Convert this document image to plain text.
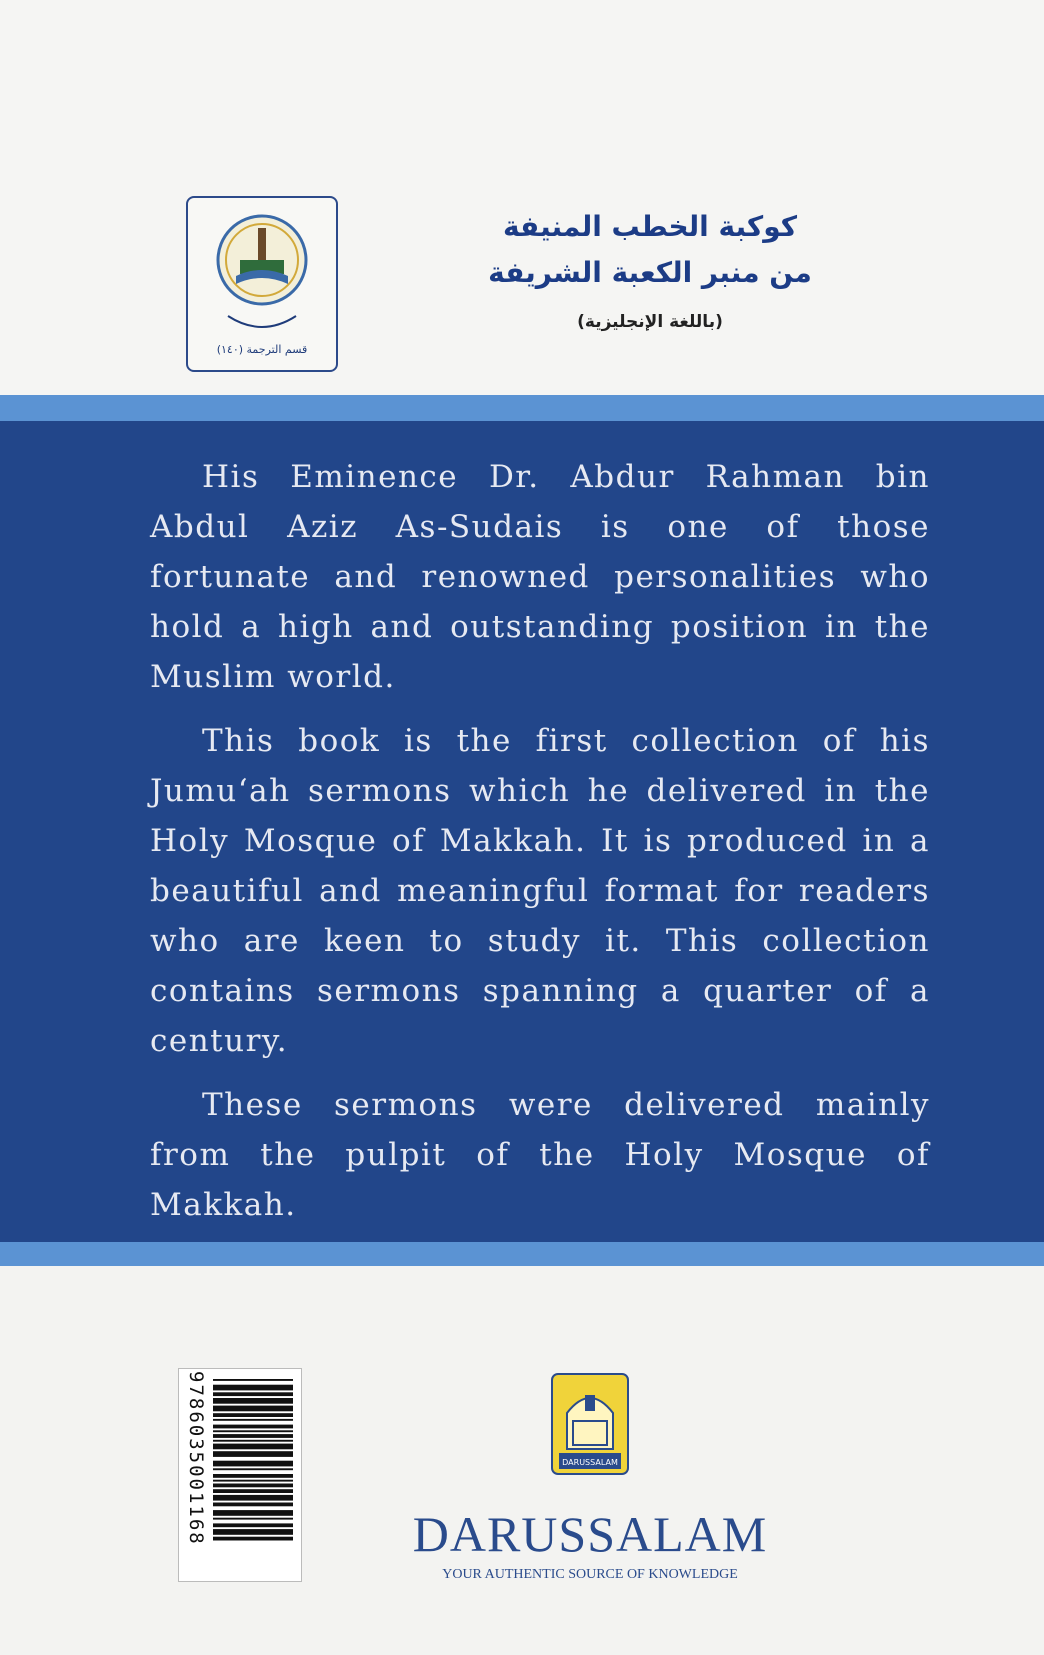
قسم الترجمة (١٤٠)
كوكبة الخطب المنيفة
من منبر الكعبة الشريفة
(باللغة الإنجليزية)

His Eminence Dr. Abdur Rahman bin Abdul Aziz As-Sudais is one of those fortunate and renowned personalities who hold a high and outstanding position in the Muslim world.

This book is the first collection of his Jumu‘ah sermons which he delivered in the Holy Mosque of Makkah. It is produced in a beautiful and meaningful format for readers who are keen to study it. This collection contains sermons spanning a quarter of a century.

These sermons were delivered mainly from the pulpit of the Holy Mosque of Makkah.

9786035001168	DARUSSALAM
DARUSSALAM
YOUR AUTHENTIC SOURCE OF KNOWLEDGE
